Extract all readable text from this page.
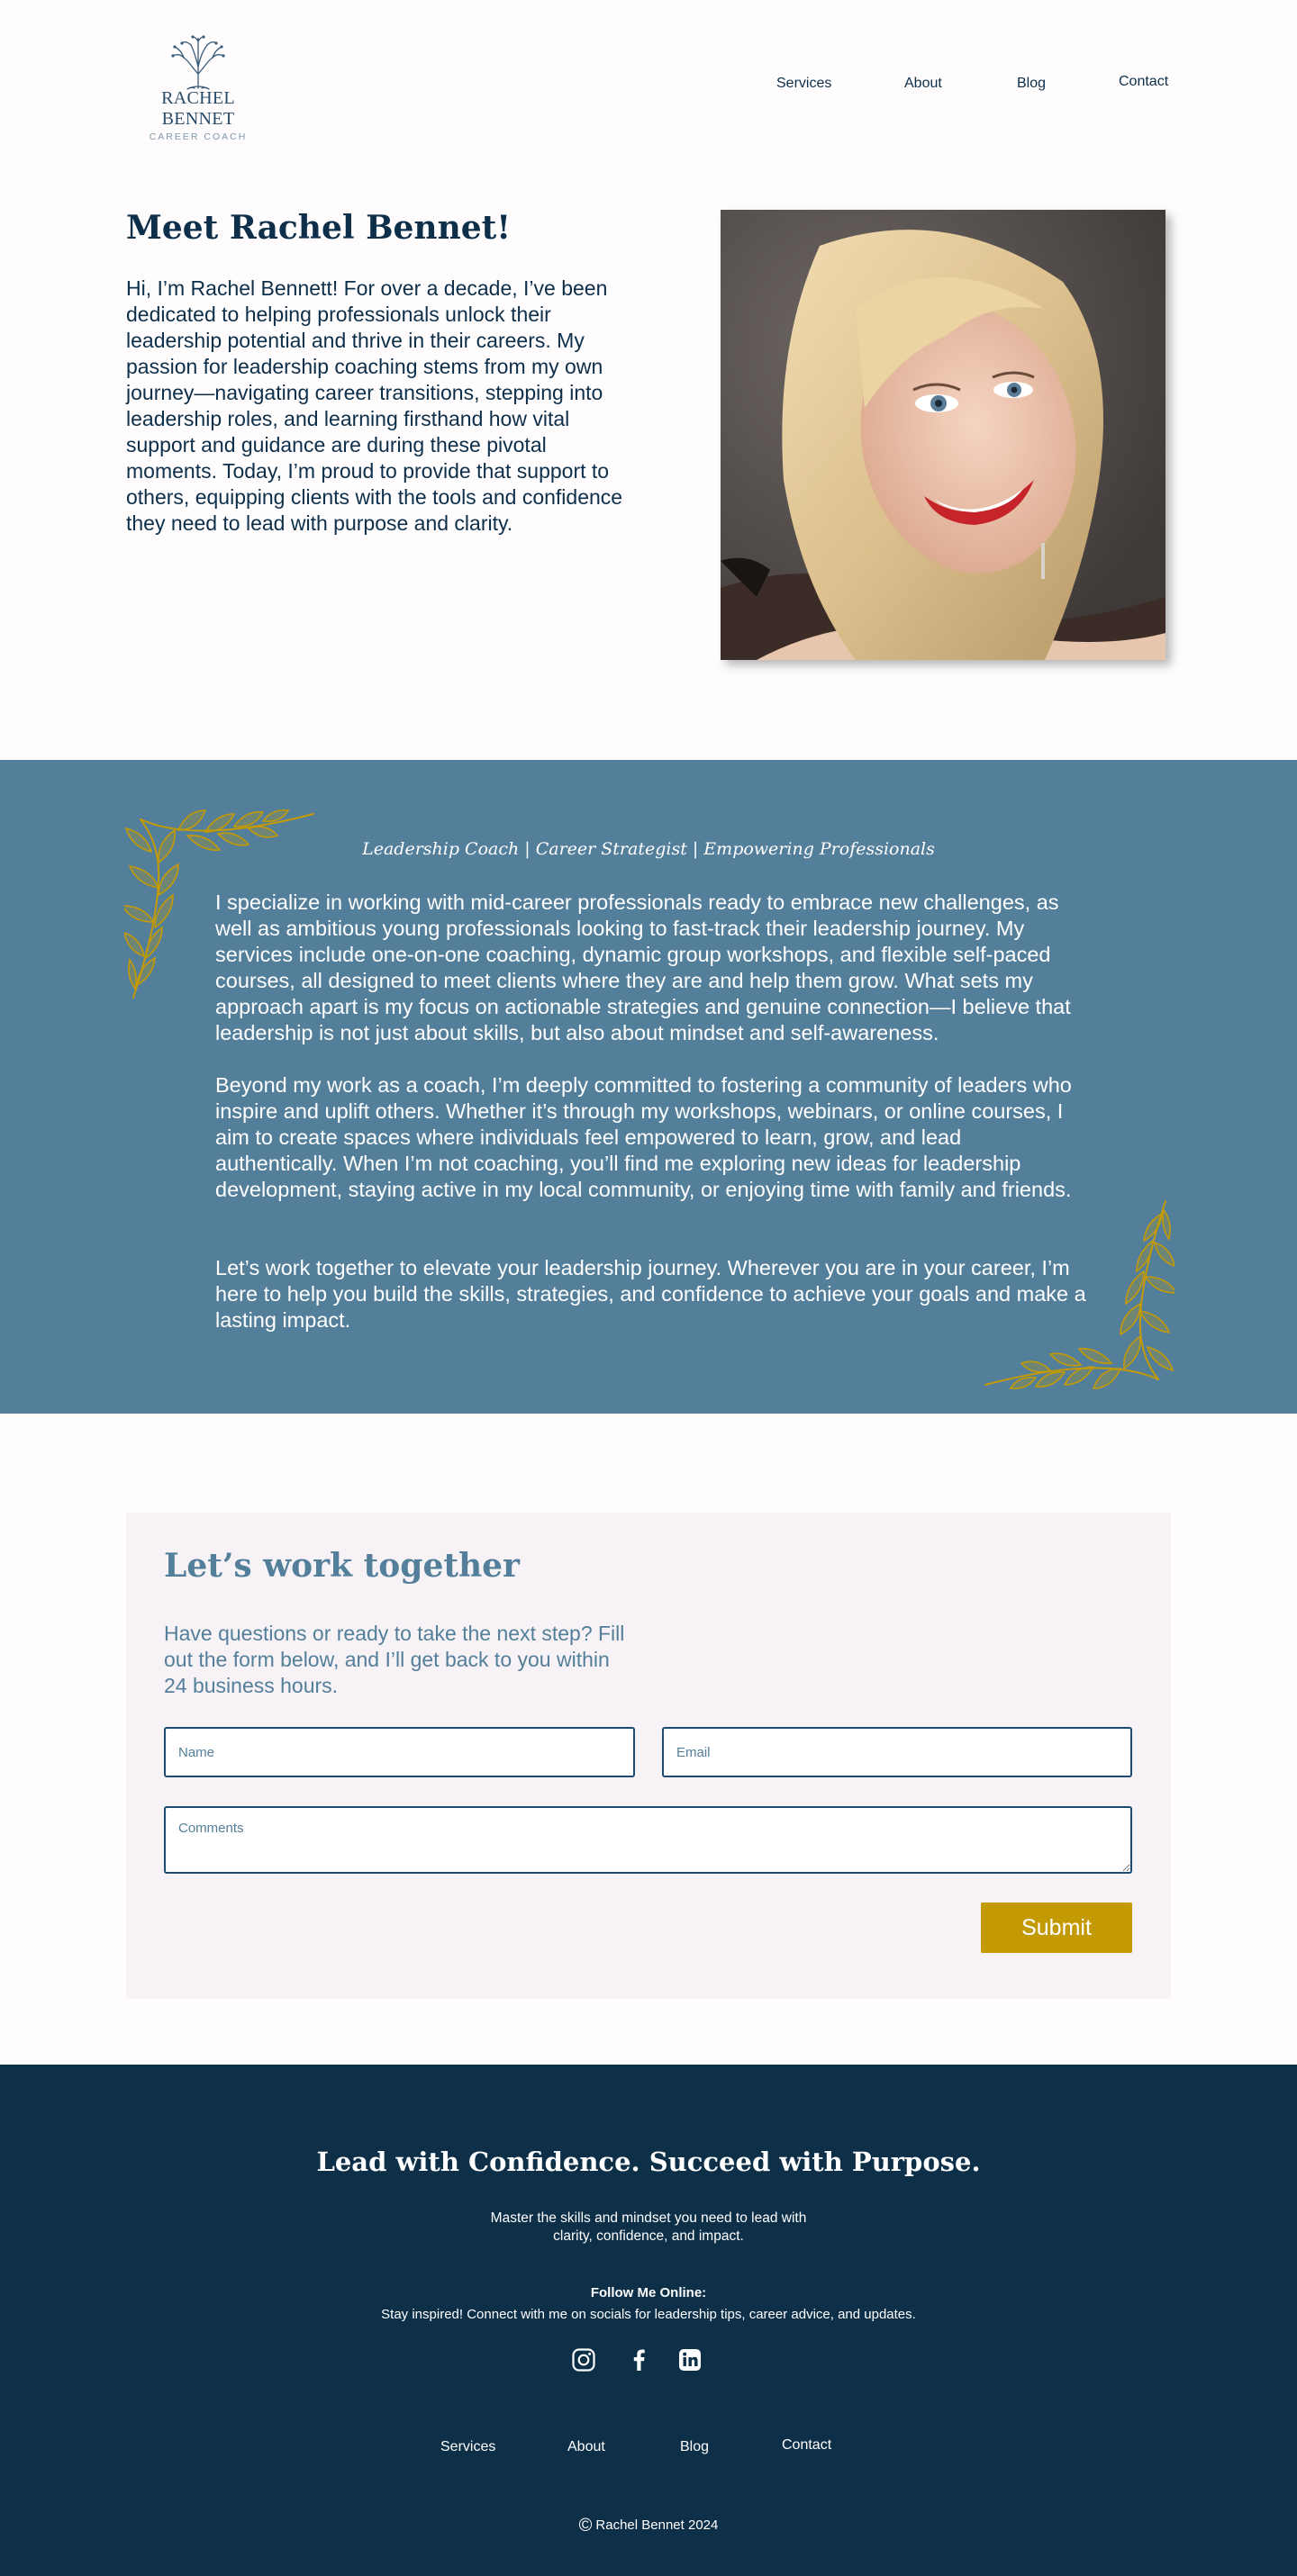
RACHEL BENNET
CAREER COACH
Services	About	Blog	Contact
Meet Rachel Bennet!

Hi, I’m Rachel Bennett! For over a decade, I’ve been dedicated to helping professionals unlock their leadership potential and thrive in their careers. My passion for leadership coaching stems from my own journey—navigating career transitions, stepping into leadership roles, and learning firsthand how vital support and guidance are during these pivotal moments. Today, I’m proud to provide that support to others, equipping clients with the tools and confidence they need to lead with purpose and clarity.

Leadership Coach | Career Strategist | Empowering Professionals

I specialize in working with mid-career professionals ready to embrace new challenges, as well as ambitious young professionals looking to fast-track their leadership journey. My services include one-on-one coaching, dynamic group workshops, and flexible self-paced courses, all designed to meet clients where they are and help them grow. What sets my approach apart is my focus on actionable strategies and genuine connection—I believe that leadership is not just about skills, but also about mindset and self-awareness.

Beyond my work as a coach, I’m deeply committed to fostering a community of leaders who inspire and uplift others. Whether it’s through my workshops, webinars, or online courses, I aim to create spaces where individuals feel empowered to learn, grow, and lead authentically. When I’m not coaching, you’ll find me exploring new ideas for leadership development, staying active in my local community, or enjoying time with family and friends.

Let’s work together to elevate your leadership journey. Wherever you are in your career, I’m here to help you build the skills, strategies, and confidence to achieve your goals and make a lasting impact.

Let’s work together

Have questions or ready to take the next step? Fill out the form below, and I’ll get back to you within 24 business hours.

Name
Email
Comments
Submit
Lead with Confidence. Succeed with Purpose.

Master the skills and mindset you need to lead with clarity, confidence, and impact.

Follow Me Online:

Stay inspired! Connect with me on socials for leadership tips, career advice, and updates.

Services	About	Blog	Contact

© Rachel Bennet 2024
